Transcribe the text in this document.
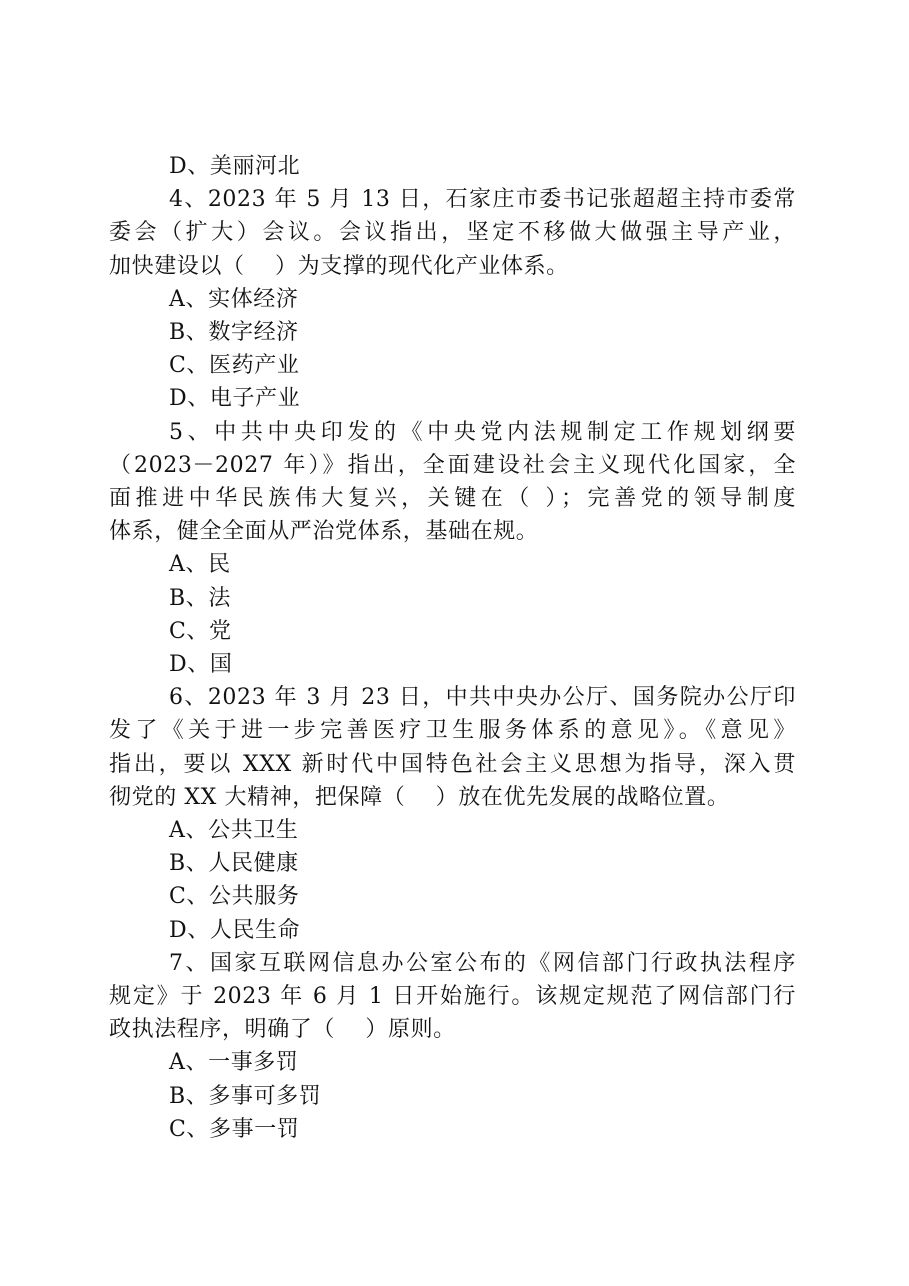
D、美丽河北

4、2023 年 5 月 13 日，石家庄市委书记张超超主持市委常

委会（扩大）会议。会议指出，坚定不移做大做强主导产业，

加快建设以（    ）为支撑的现代化产业体系。

A、实体经济

B、数字经济

C、医药产业

D、电子产业

5、中共中央印发的《中央党内法规制定工作规划纲要

（2023－2027 年）》指出，全面建设社会主义现代化国家，全

面推进中华民族伟大复兴，关键在（ ）；完善党的领导制度

体系，健全全面从严治党体系，基础在规。

A、民

B、法

C、党

D、国

6、2023 年 3 月 23 日，中共中央办公厅、国务院办公厅印

发了《关于进一步完善医疗卫生服务体系的意见》。《意见》

指出，要以 XXX 新时代中国特色社会主义思想为指导，深入贯

彻党的 XX 大精神，把保障（    ）放在优先发展的战略位置。

A、公共卫生

B、人民健康

C、公共服务

D、人民生命

7、国家互联网信息办公室公布的《网信部门行政执法程序

规定》于 2023 年 6 月 1 日开始施行。该规定规范了网信部门行

政执法程序，明确了（    ）原则。

A、一事多罚

B、多事可多罚

C、多事一罚
